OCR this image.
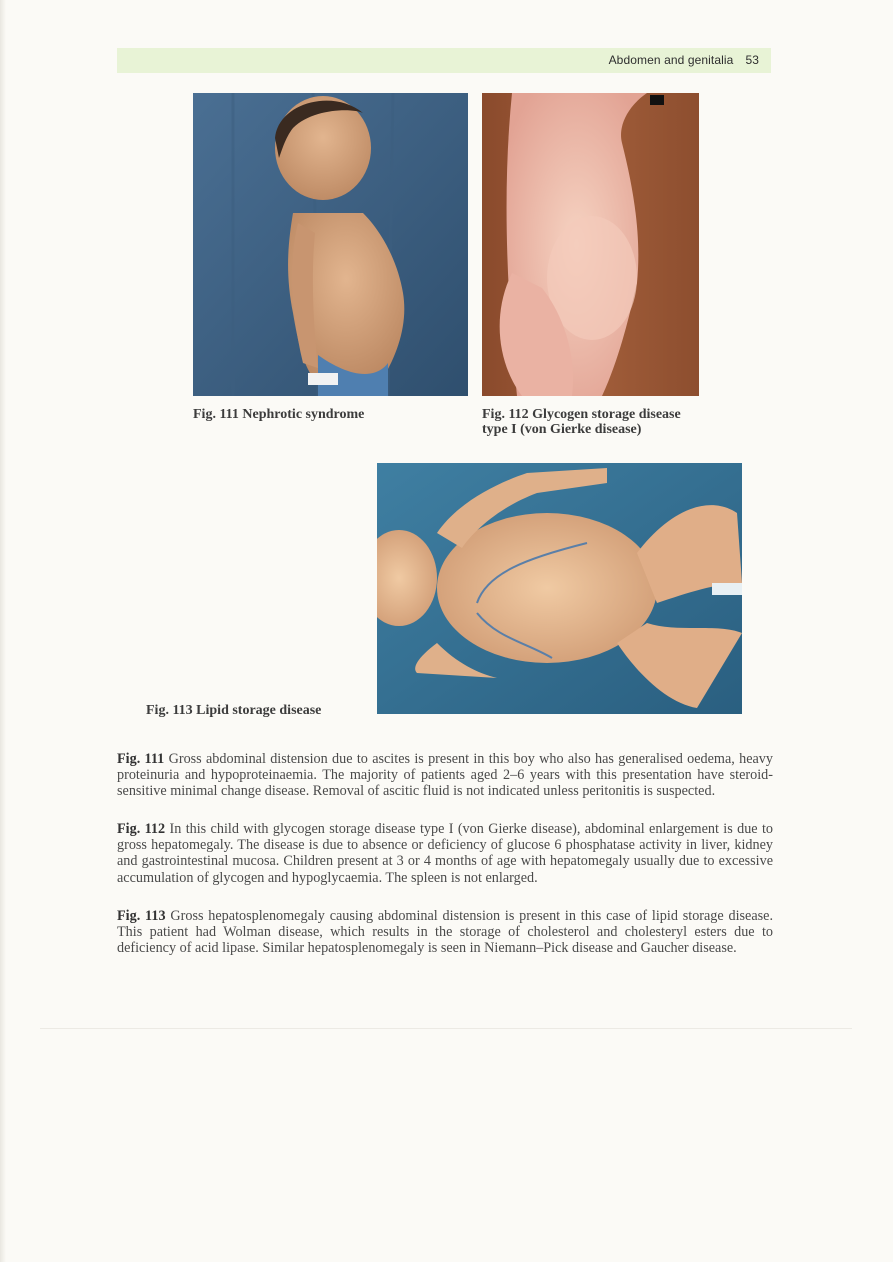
Abdomen and genitalia 53
Fig. 111 Nephrotic syndrome	Fig. 112 Glycogen storage disease type I (von Gierke disease)
Fig. 113 Lipid storage disease
Fig. 111 Gross abdominal distension due to ascites is present in this boy who also has generalised oedema, heavy proteinuria and hypoproteinaemia. The majority of patients aged 2–6 years with this presentation have steroid-sensitive minimal change disease. Removal of ascitic fluid is not indicated unless peritonitis is suspected.
Fig. 112 In this child with glycogen storage disease type I (von Gierke disease), abdominal enlargement is due to gross hepatomegaly. The disease is due to absence or deficiency of glucose 6 phosphatase activity in liver, kidney and gastrointestinal mucosa. Children present at 3 or 4 months of age with hepatomegaly usually due to excessive accumulation of glycogen and hypoglycaemia. The spleen is not enlarged.
Fig. 113 Gross hepatosplenomegaly causing abdominal distension is present in this case of lipid storage disease. This patient had Wolman disease, which results in the storage of cholesterol and cholesteryl esters due to deficiency of acid lipase. Similar hepatosplenomegaly is seen in Niemann–Pick disease and Gaucher disease.
